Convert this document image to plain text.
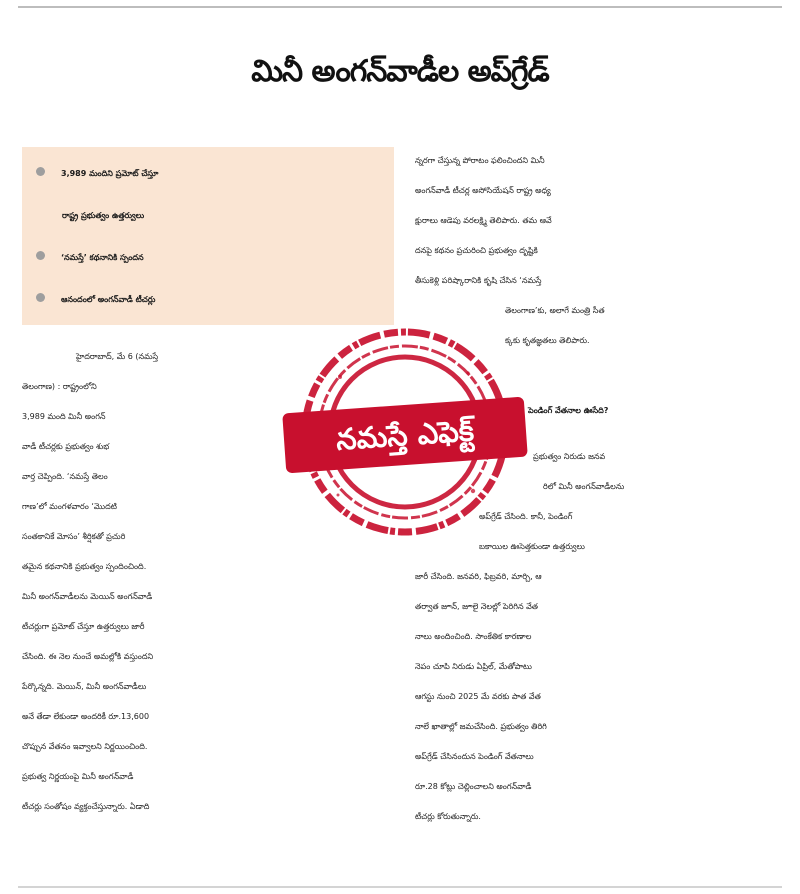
మినీ అంగన్‌వాడీల అప్‌గ్రేడ్‌
3,989 మందిని ప్రమోట్‌ చేస్తూ
రాష్ట్ర ప్రభుత్వం ఉత్తర్వులు
‘నమస్తే’ కథనానికి స్పందన
ఆనందంలో అంగన్‌వాడీ టీచర్లు
హైదరాబాద్‌, మే 6 (నమస్తే
తెలంగాణ) : రాష్ట్రంలోని
3,989 మంది మినీ అంగన్‌
వాడీ టీచర్లకు ప్రభుత్వం శుభ
వార్త చెప్పింది. ‘నమస్తే తెలం
గాణ’లో మంగళవారం ‘మొదటి
సంతకానికే మోసం’ శీర్షికతో ప్రచురి
తమైన కథనానికి ప్రభుత్వం స్పందించింది.
మినీ అంగన్‌వాడీలను మెయిన్‌ అంగన్‌వాడీ
టీచర్లుగా ప్రమోట్‌ చేస్తూ ఉత్తర్వులు జారీ
చేసింది. ఈ నెల నుంచే అమల్లోకి వస్తుందని
పేర్కొన్నది. మెయిన్‌, మినీ అంగన్‌వాడీలు
అనే తేడా లేకుండా అందరికీ రూ.13,600
చొప్పున వేతనం ఇవ్వాలని నిర్ణయించింది.
ప్రభుత్వ నిర్ణయంపై మినీ అంగన్‌వాడీ
టీచర్లు సంతోషం వ్యక్తంచేస్తున్నారు. ఏడాది
న్నరగా చేస్తున్న పోరాటం ఫలించిందని మినీ
అంగన్‌వాడీ టీచర్ల అసోసియేషన్‌ రాష్ట్ర అధ్య
క్షురాలు ఆడెపు వరలక్ష్మి తెలిపారు. తమ ఆవే
దనపై కథనం ప్రచురించి ప్రభుత్వం దృష్టికి
తీసుకెళ్లి పరిష్కారానికి కృషి చేసిన ‘నమస్తే
తెలంగాణ’కు, అలాగే మంత్రి సీత
క్కకు కృతజ్ఞతలు తెలిపారు.
పెండింగ్‌ వేతనాల ఊసేది?
ప్రభుత్వం నిరుడు జనవ
రిలో మినీ అంగన్‌వాడీలను
అప్‌గ్రేడ్‌ చేసింది. కానీ, పెండింగ్‌
బకాయిల ఊసెత్తకుండా ఉత్తర్వులు
జారీ చేసింది. జనవరి, ఫిబ్రవరి, మార్చి, ఆ
తర్వాత జూన్‌, జూలై నెలల్లో పెరిగిన వేత
నాలు అందించింది. సాంకేతిక కారణాల
నెపం చూపి నిరుడు ఏప్రిల్‌, మేతోపాటు
ఆగస్టు నుంచి 2025 మే వరకు పాత వేత
నాలే ఖాతాల్లో జమచేసింది. ప్రభుత్వం తిరిగి
అప్‌గ్రేడ్‌ చేసినందున పెండింగ్‌ వేతనాలు
రూ.28 కోట్లు చెల్లించాలని అంగన్‌వాడీ
టీచర్లు కోరుతున్నారు.
నమస్తే ఎఫెక్ట్‌
